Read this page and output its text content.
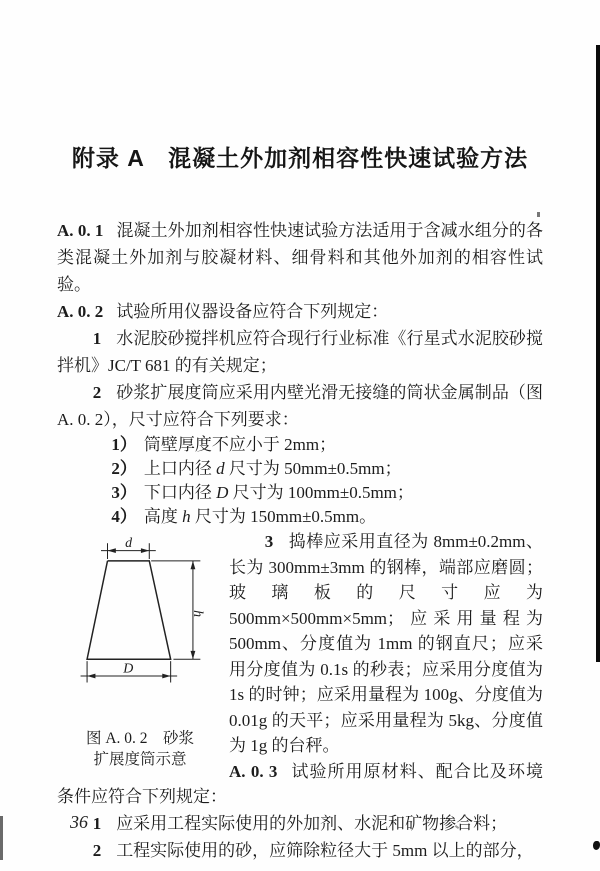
附录 A　混凝土外加剂相容性快速试验方法

A. 0. 1 混凝土外加剂相容性快速试验方法适用于含减水组分的各类混凝土外加剂与胶凝材料、细骨料和其他外加剂的相容性试验。

A. 0. 2 试验所用仪器设备应符合下列规定：

1 水泥胶砂搅拌机应符合现行行业标准《行星式水泥胶砂搅拌机》JC/T 681 的有关规定；

2 砂浆扩展度筒应采用内壁光滑无接缝的筒状金属制品（图 A. 0. 2），尺寸应符合下列要求：

1） 筒壁厚度不应小于 2mm；

2） 上口内径 d 尺寸为 50mm±0.5mm；

3） 下口内径 D 尺寸为 100mm±0.5mm；

4） 高度 h 尺寸为 150mm±0.5mm。

d
D
h
图 A. 0. 2　砂浆
扩展度筒示意

3 捣棒应采用直径为 8mm±0.2mm、长为 300mm±3mm 的钢棒，端部应磨圆；玻璃板的尺寸应为 500mm×500mm×5mm；应采用量程为 500mm、分度值为 1mm 的钢直尺；应采用分度值为 0.1s 的秒表；应采用分度值为 1s 的时钟；应采用量程为 100g、分度值为 0.01g 的天平；应采用量程为 5kg、分度值为 1g 的台秤。

A. 0. 3 试验所用原材料、配合比及环境条件应符合下列规定：

1 应采用工程实际使用的外加剂、水泥和矿物掺合料；

2 工程实际使用的砂，应筛除粒径大于 5mm 以上的部分，

36
